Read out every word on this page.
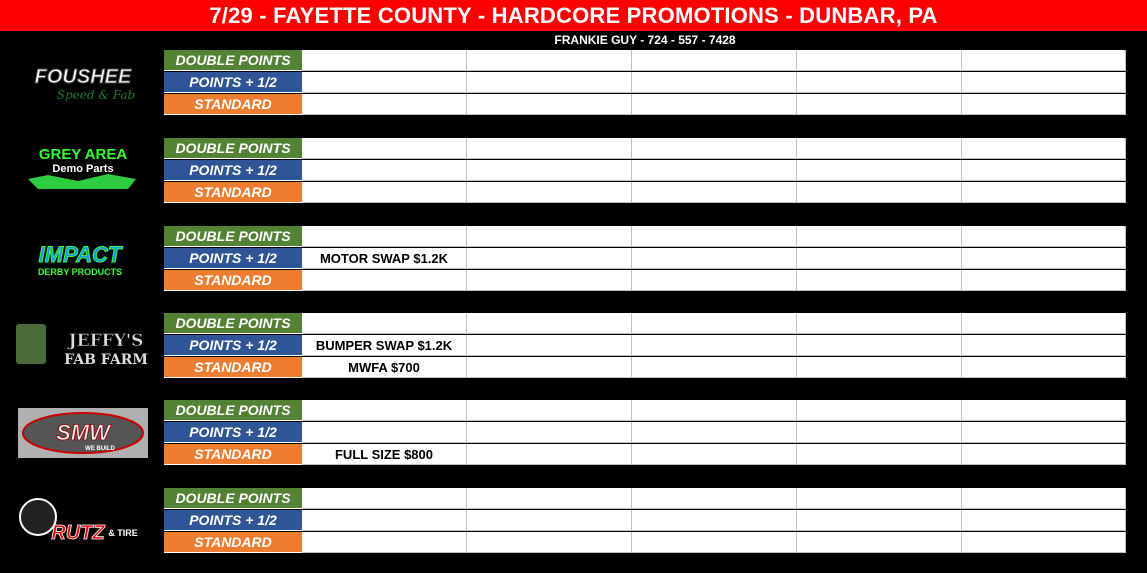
7/29 - FAYETTE COUNTY - HARDCORE PROMOTIONS - DUNBAR, PA
FRANKIE GUY - 724 - 557 - 7428
FOUSHEE
Speed & Fab
DOUBLE POINTS
POINTS + 1/2
STANDARD
GREY AREA
Demo Parts
DOUBLE POINTS
POINTS + 1/2
STANDARD
IMPACT
DERBY PRODUCTS
DOUBLE POINTS
POINTS + 1/2
STANDARD
MOTOR SWAP $1.2K
JEFFY'S
FAB FARM
DOUBLE POINTS
POINTS + 1/2
STANDARD
BUMPER SWAP $1.2K
MWFA $700
SMW
WE BUILD
DOUBLE POINTS
POINTS + 1/2
STANDARD	FULL SIZE $800
RUTZ & TIRE
DOUBLE POINTS
POINTS + 1/2
STANDARD
